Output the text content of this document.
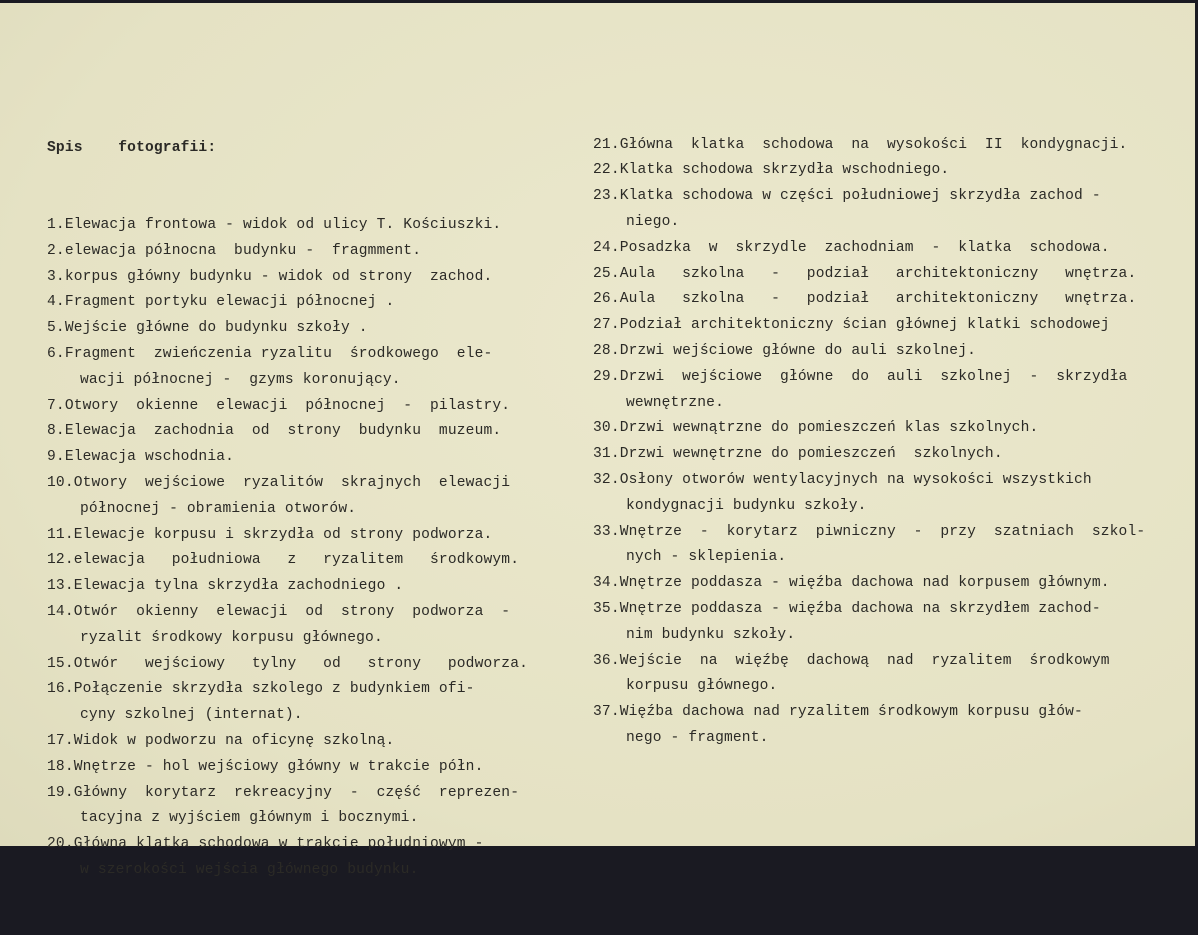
Spis    fotografii:

1.Elewacja frontowa - widok od ulicy T. Kościuszki.
2.elewacja północna  budynku -  fragmment.
3.korpus główny budynku - widok od strony  zachod.
4.Fragment portyku elewacji północnej .
5.Wejście główne do budynku szkoły .
6.Fragment  zwieńczenia ryzalitu  środkowego  ele-
wacji północnej -  gzyms koronujący.
7.Otwory  okienne  elewacji  północnej  -  pilastry.
8.Elewacja  zachodnia  od  strony  budynku  muzeum.
9.Elewacja wschodnia.
10.Otwory  wejściowe  ryzalitów  skrajnych  elewacji
północnej - obramienia otworów.
11.Elewacje korpusu i skrzydła od strony podworza.
12.elewacja   południowa   z   ryzalitem   środkowym.
13.Elewacja tylna skrzydła zachodniego .
14.Otwór  okienny  elewacji  od  strony  podworza  -
ryzalit środkowy korpusu głównego.
15.Otwór   wejściowy   tylny   od   strony   podworza.
16.Połączenie skrzydła szkolego z budynkiem ofi-
cyny szkolnej (internat).
17.Widok w podworzu na oficynę szkolną.
18.Wnętrze - hol wejściowy główny w trakcie półn.
19.Główny  korytarz  rekreacyjny  -  część  reprezen-
tacyjna z wyjściem głównym i bocznymi.
20.Główna klatka schodowa w trakcie południowym -
w szerokości wejścia głównego budynku.

21.Główna  klatka  schodowa  na  wysokości  II  kondygnacji.
22.Klatka schodowa skrzydła wschodniego.
23.Klatka schodowa w części południowej skrzydła zachod -
niego.
24.Posadzka  w  skrzydle  zachodniam  -  klatka  schodowa.
25.Aula   szkolna   -   podział   architektoniczny   wnętrza.
26.Aula   szkolna   -   podział   architektoniczny   wnętrza.
27.Podział architektoniczny ścian głównej klatki schodowej
28.Drzwi wejściowe główne do auli szkolnej.
29.Drzwi  wejściowe  główne  do  auli  szkolnej  -  skrzydła
wewnętrzne.
30.Drzwi wewnątrzne do pomieszczeń klas szkolnych.
31.Drzwi wewnętrzne do pomieszczeń  szkolnych.
32.Osłony otworów wentylacyjnych na wysokości wszystkich
kondygnacji budynku szkoły.
33.Wnętrze  -  korytarz  piwniczny  -  przy  szatniach  szkol-
nych - sklepienia.
34.Wnętrze poddasza - więźba dachowa nad korpusem głównym.
35.Wnętrze poddasza - więźba dachowa na skrzydłem zachod-
nim budynku szkoły.
36.Wejście  na  więźbę  dachową  nad  ryzalitem  środkowym
korpusu głównego.
37.Więźba dachowa nad ryzalitem środkowym korpusu głów-
nego - fragment.
